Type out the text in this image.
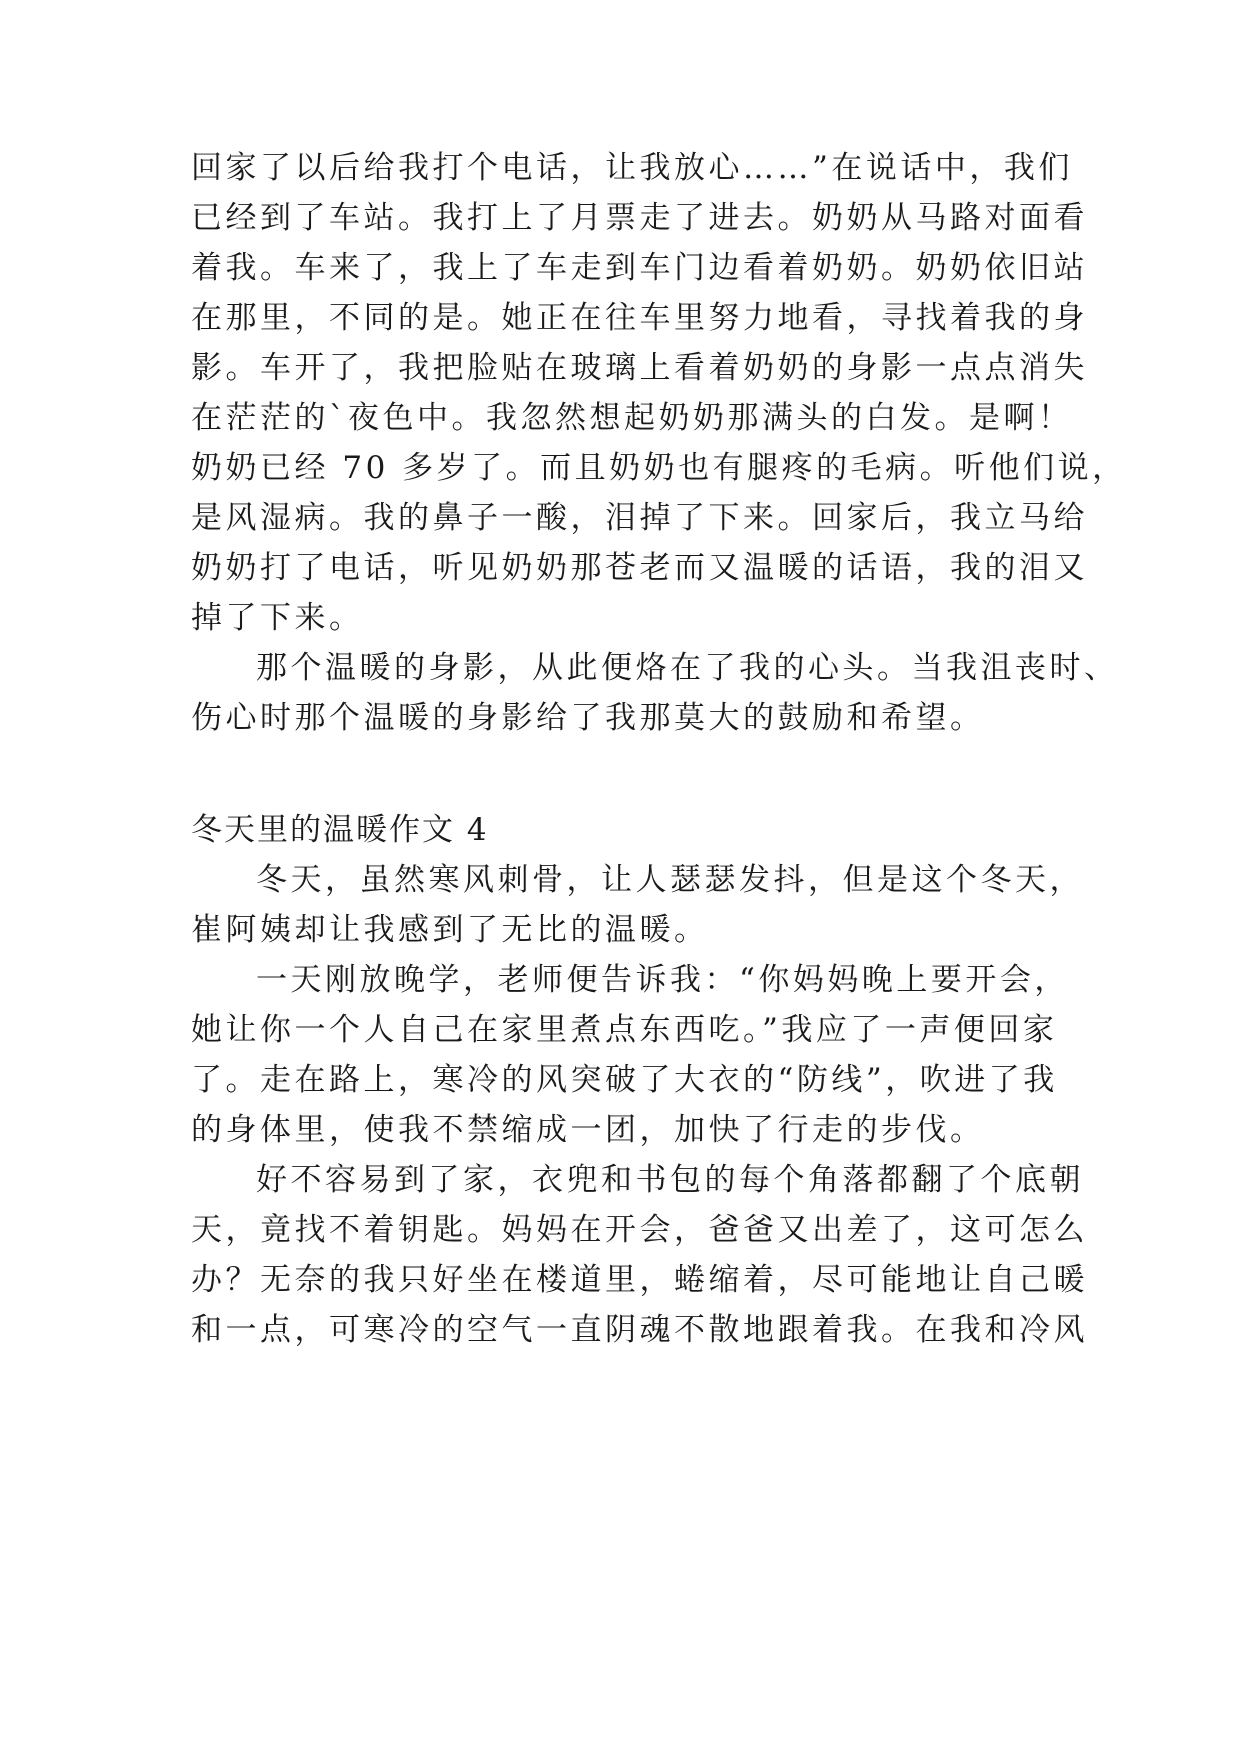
回家了以后给我打个电话，让我放心……”在说话中，我们
已经到了车站。我打上了月票走了进去。奶奶从马路对面看
着我。车来了，我上了车走到车门边看着奶奶。奶奶依旧站
在那里，不同的是。她正在往车里努力地看，寻找着我的身
影。车开了，我把脸贴在玻璃上看着奶奶的身影一点点消失
在茫茫的`夜色中。我忽然想起奶奶那满头的白发。是啊！
奶奶已经 70 多岁了。而且奶奶也有腿疼的毛病。听他们说，
是风湿病。我的鼻子一酸，泪掉了下来。回家后，我立马给
奶奶打了电话，听见奶奶那苍老而又温暖的话语，我的泪又
掉了下来。
那个温暖的身影，从此便烙在了我的心头。当我沮丧时、
伤心时那个温暖的身影给了我那莫大的鼓励和希望。
冬天里的温暖作文 4
冬天，虽然寒风刺骨，让人瑟瑟发抖，但是这个冬天，
崔阿姨却让我感到了无比的温暖。
一天刚放晚学，老师便告诉我：“你妈妈晚上要开会，
她让你一个人自己在家里煮点东西吃。”我应了一声便回家
了。走在路上，寒冷的风突破了大衣的“防线”，吹进了我
的身体里，使我不禁缩成一团，加快了行走的步伐。
好不容易到了家，衣兜和书包的每个角落都翻了个底朝
天，竟找不着钥匙。妈妈在开会，爸爸又出差了，这可怎么
办？无奈的我只好坐在楼道里，蜷缩着，尽可能地让自己暖
和一点，可寒冷的空气一直阴魂不散地跟着我。在我和冷风
